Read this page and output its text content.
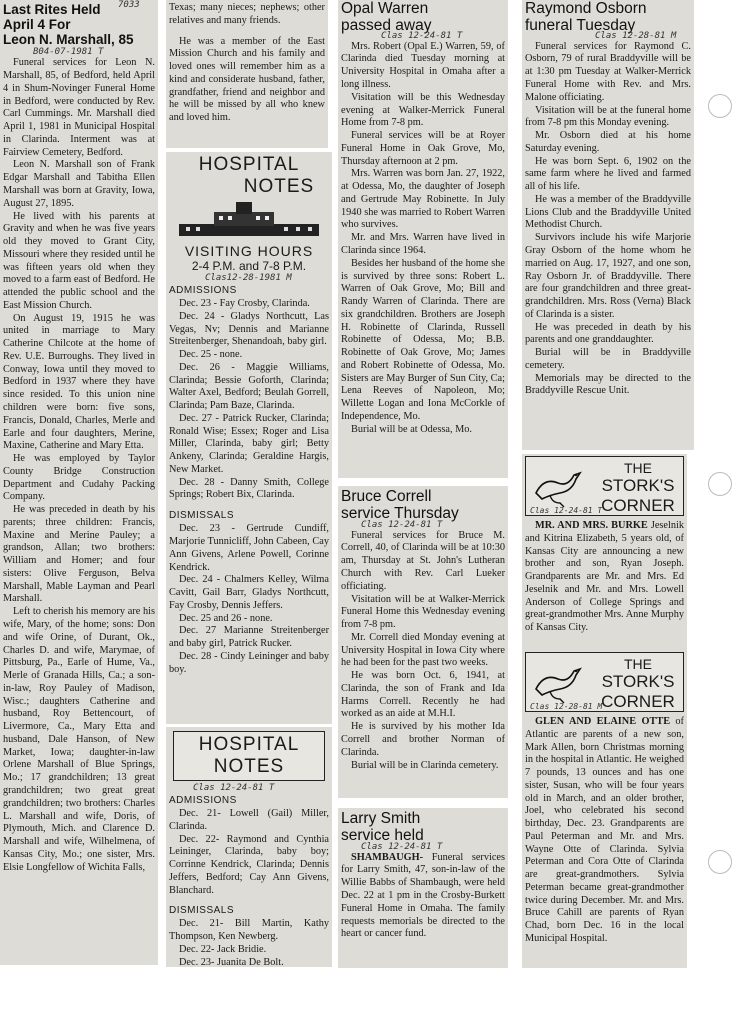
7033
Last Rites Held
April 4 For
Leon N. Marshall, 85
B04-07-1981 T

Funeral services for Leon N. Marshall, 85, of Bedford, held April 4 in Shum-Novinger Funeral Home in Bedford, were conducted by Rev. Carl Cummings. Mr. Marshall died April 1, 1981 in Municipal Hospital in Clarinda. Interment was at Fairview Cemetery, Bedford.

Leon N. Marshall son of Frank Edgar Marshall and Tabitha Ellen Marshall was born at Gravity, Iowa, August 27, 1895.

He lived with his parents at Gravity and when he was five years old they moved to Grant City, Missouri where they resided until he was fifteen years old when they moved to a farm east of Bedford. He attended the public school and the East Mission Church.

On August 19, 1915 he was united in marriage to Mary Catherine Chilcote at the home of Rev. U.E. Burroughs. They lived in Conway, Iowa until they moved to Bedford in 1937 where they have since resided. To this union nine children were born: five sons, Francis, Donald, Charles, Merle and Earle and four daughters, Merine, Maxine, Catherine and Mary Etta.

He was employed by Taylor County Bridge Construction Department and Cudahy Packing Company.

He was preceded in death by his parents; three children: Francis, Maxine and Merine Pauley; a grandson, Allan; two brothers: William and Homer; and four sisters: Olive Ferguson, Belva Marshall, Mable Layman and Pearl Marshall.

Left to cherish his memory are his wife, Mary, of the home; sons: Don and wife Orine, of Durant, Ok., Charles D. and wife, Marymae, of Pittsburg, Pa., Earle of Hume, Va., Merle of Granada Hills, Ca.; a son-in-law, Roy Pauley of Madison, Wisc.; daughters Catherine and husband, Roy Bettencourt, of Livermore, Ca., Mary Etta and husband, Dale Hanson, of New Market, Iowa; daughter-in-law Orlene Marshall of Blue Springs, Mo.; 17 grandchildren; 13 great grandchildren; two great great grandchildren; two brothers: Charles L. Marshall and wife, Doris, of Plymouth, Mich. and Clarence D. Marshall and wife, Wilhelmena, of Kansas City, Mo.; one sister, Mrs. Elsie Longfellow of Wichita Falls,

Texas; many nieces; nephews; other relatives and many friends.

He was a member of the East Mission Church and his family and loved ones will remember him as a kind and considerate husband, father, grandfather, friend and neighbor and he will be missed by all who knew and loved him.

HOSPITAL
NOTES
VISITING HOURS
2-4 P.M. and 7-8 P.M.
Clas12-28-1981 M
ADMISSIONS

Dec. 23 - Fay Crosby, Clarinda.

Dec. 24 - Gladys Northcutt, Las Vegas, Nv; Dennis and Marianne Streitenberger, Shenandoah, baby girl.

Dec. 25 - none.

Dec. 26 - Maggie Williams, Clarinda; Bessie Goforth, Clarinda; Walter Axel, Bedford; Beulah Gorrell, Clarinda; Pam Baze, Clarinda.

Dec. 27 - Patrick Rucker, Clarinda; Ronald Wise; Essex; Roger and Lisa Miller, Clarinda, baby girl; Betty Ankeny, Clarinda; Geraldine Hargis, New Market.

Dec. 28 - Danny Smith, College Springs; Robert Bix, Clarinda.

DISMISSALS

Dec. 23 - Gertrude Cundiff, Marjorie Tunnicliff, John Cabeen, Cay Ann Givens, Arlene Powell, Corinne Kendrick.

Dec. 24 - Chalmers Kelley, Wilma Cavitt, Gail Barr, Gladys Northcutt, Fay Crosby, Dennis Jeffers.

Dec. 25 and 26 - none.

Dec. 27 Marianne Streitenberger and baby girl, Patrick Rucker.

Dec. 28 - Cindy Leininger and baby boy.

HOSPITAL
NOTES
Clas 12-24-81 T
ADMISSIONS

Dec. 21- Lowell (Gail) Miller, Clarinda.

Dec. 22- Raymond and Cynthia Leininger, Clarinda, baby boy; Corrinne Kendrick, Clarinda; Dennis Jeffers, Bedford; Cay Ann Givens, Blanchard.

DISMISSALS

Dec. 21- Bill Martin, Kathy Thompson, Ken Newberg.

Dec. 22- Jack Bridie.

Dec. 23- Juanita De Bolt.

Opal Warren
passed away
Clas 12-24-81 T

Mrs. Robert (Opal E.) Warren, 59, of Clarinda died Tuesday morning at University Hospital in Omaha after a long illness.

Visitation will be this Wednesday evening at Walker-Merrick Funeral Home from 7-8 pm.

Funeral services will be at Royer Funeral Home in Oak Grove, Mo, Thursday afternoon at 2 pm.

Mrs. Warren was born Jan. 27, 1922, at Odessa, Mo, the daughter of Joseph and Gertrude May Robinette. In July 1940 she was married to Robert Warren who survives.

Mr. and Mrs. Warren have lived in Clarinda since 1964.

Besides her husband of the home she is survived by three sons: Robert L. Warren of Oak Grove, Mo; Bill and Randy Warren of Clarinda. There are six grandchildren. Brothers are Joseph H. Robinette of Clarinda, Russell Robinette of Odessa, Mo; B.B. Robinette of Oak Grove, Mo; James and Robert Robinette of Odessa, Mo. Sisters are May Burger of Sun City, Ca; Lena Reeves of Napoleon, Mo; Willette Logan and Iona McCorkle of Independence, Mo.

Burial will be at Odessa, Mo.

Bruce Correll
service Thursday
Clas 12-24-81 T

Funeral services for Bruce M. Correll, 40, of Clarinda will be at 10:30 am, Thursday at St. John's Lutheran Church with Rev. Carl Lueker officiating.

Visitation will be at Walker-Merrick Funeral Home this Wednesday evening from 7-8 pm.

Mr. Correll died Monday evening at University Hospital in Iowa City where he had been for the past two weeks.

He was born Oct. 6, 1941, at Clarinda, the son of Frank and Ida Harms Correll. Recently he had worked as an aide at M.H.I.

He is survived by his mother Ida Correll and brother Norman of Clarinda.

Burial will be in Clarinda cemetery.

Larry Smith
service held
Clas 12-24-81 T

SHAMBAUGH- Funeral services for Larry Smith, 47, son-in-law of the Willie Babbs of Shambaugh, were held Dec. 22 at 1 pm in the Crosby-Burkett Funeral Home in Omaha. The family requests memorials be directed to the heart or cancer fund.

Raymond Osborn
funeral Tuesday
Clas 12-28-81 M

Funeral services for Raymond C. Osborn, 79 of rural Braddyville will be at 1:30 pm Tuesday at Walker-Merrick Funeral Home with Rev. and Mrs. Malone officiating.

Visitation will be at the funeral home from 7-8 pm this Monday evening.

Mr. Osborn died at his home Saturday evening.

He was born Sept. 6, 1902 on the same farm where he lived and farmed all of his life.

He was a member of the Braddyville Lions Club and the Braddyville United Methodist Church.

Survivors include his wife Marjorie Gray Osborn of the home whom he married on Aug. 17, 1927, and one son, Ray Osborn Jr. of Braddyville. There are four grandchildren and three great-grandchildren. Mrs. Ross (Verna) Black of Clarinda is a sister.

He was preceded in death by his parents and one granddaughter.

Burial will be in Braddyville cemetery.

Memorials may be directed to the Braddyville Rescue Unit.

THE
STORK'S
CORNER
Clas 12-24-81 T

MR. AND MRS. BURKE Jeselnik and Kitrina Elizabeth, 5 years old, of Kansas City are announcing a new brother and son, Ryan Joseph. Grandparents are Mr. and Mrs. Ed Jeselnik and Mr. and Mrs. Lowell Anderson of College Springs and great-grandmother Mrs. Anne Murphy of Kansas City.

THE
STORK'S
CORNER
Clas 12-28-81 M

GLEN AND ELAINE OTTE of Atlantic are parents of a new son, Mark Allen, born Christmas morning in the hospital in Atlantic. He weighed 7 pounds, 13 ounces and has one sister, Susan, who will be four years old in March, and an older brother, Joel, who celebrated his second birthday, Dec. 23. Grandparents are Paul Peterman and Mr. and Mrs. Wayne Otte of Clarinda. Sylvia Peterman and Cora Otte of Clarinda are great-grandmothers. Sylvia Peterman became great-grandmother twice during December. Mr. and Mrs. Bruce Cahill are parents of Ryan Chad, born Dec. 16 in the local Municipal Hospital.
